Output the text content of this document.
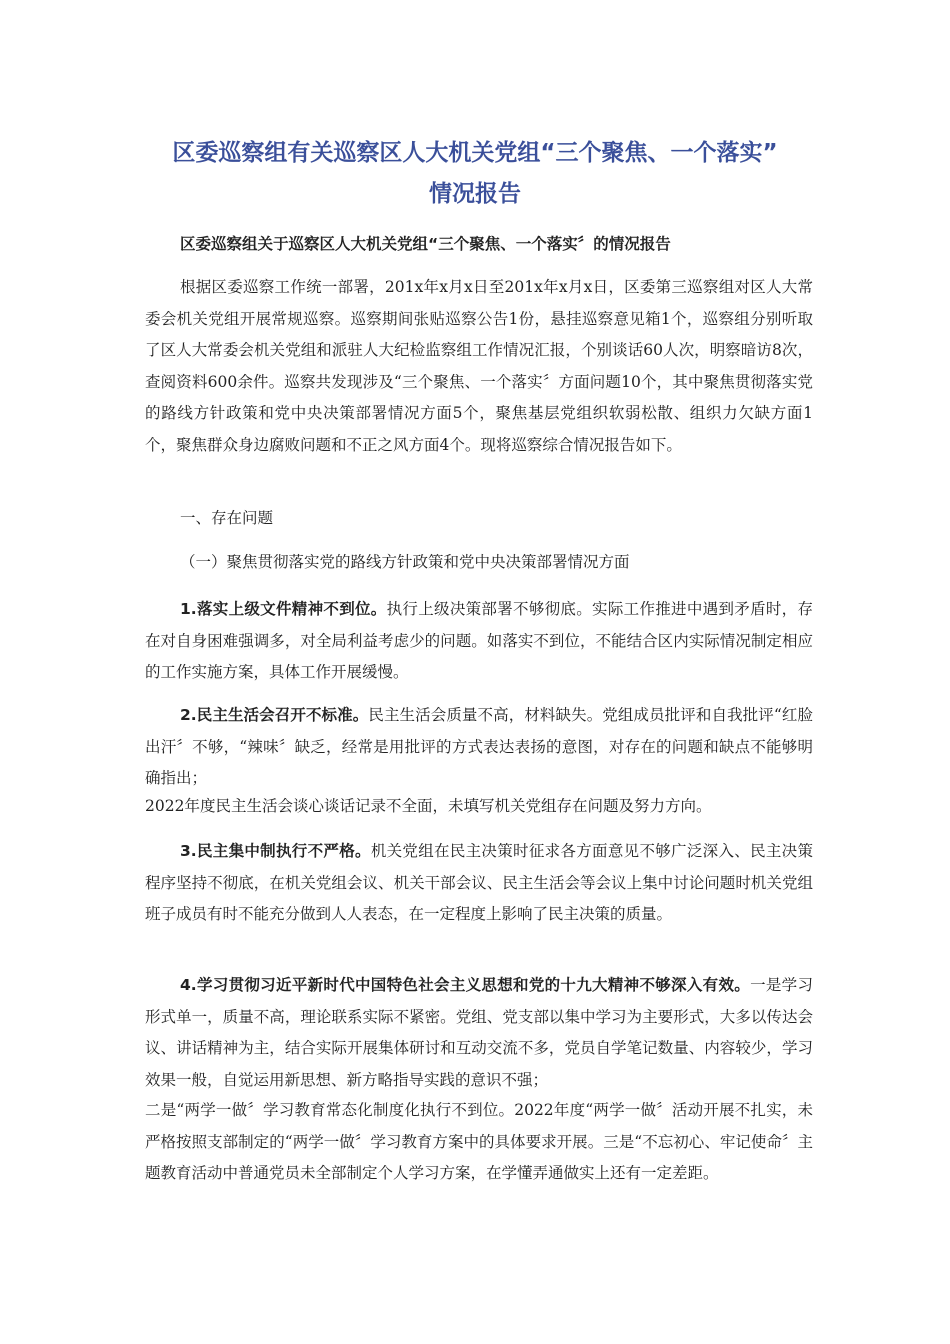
区委巡察组有关巡察区人大机关党组“三个聚焦、一个落实”
情况报告

区委巡察组关于巡察区人大机关党组“三个聚焦、一个落实〞的情况报告

根据区委巡察工作统一部署，201x年x月x日至201x年x月x日，区委第三巡察组对区人大常委会机关党组开展常规巡察。巡察期间张贴巡察公告1份，悬挂巡察意见箱1个，巡察组分别听取了区人大常委会机关党组和派驻人大纪检监察组工作情况汇报，个别谈话60人次，明察暗访8次，查阅资料600余件。巡察共发现涉及“三个聚焦、一个落实〞方面问题10个，其中聚焦贯彻落实党的路线方针政策和党中央决策部署情况方面5个，聚焦基层党组织软弱松散、组织力欠缺方面1个，聚焦群众身边腐败问题和不正之风方面4个。现将巡察综合情况报告如下。

一、存在问题

（一）聚焦贯彻落实党的路线方针政策和党中央决策部署情况方面

1.落实上级文件精神不到位。执行上级决策部署不够彻底。实际工作推进中遇到矛盾时，存在对自身困难强调多，对全局利益考虑少的问题。如落实不到位，不能结合区内实际情况制定相应的工作实施方案，具体工作开展缓慢。

2.民主生活会召开不标准。民主生活会质量不高，材料缺失。党组成员批评和自我批评“红脸出汗〞不够，“辣味〞缺乏，经常是用批评的方式表达表扬的意图，对存在的问题和缺点不能够明确指出；

2022年度民主生活会谈心谈话记录不全面，未填写机关党组存在问题及努力方向。

3.民主集中制执行不严格。机关党组在民主决策时征求各方面意见不够广泛深入、民主决策程序坚持不彻底，在机关党组会议、机关干部会议、民主生活会等会议上集中讨论问题时机关党组班子成员有时不能充分做到人人表态，在一定程度上影响了民主决策的质量。

4.学习贯彻习近平新时代中国特色社会主义思想和党的十九大精神不够深入有效。一是学习形式单一，质量不高，理论联系实际不紧密。党组、党支部以集中学习为主要形式，大多以传达会议、讲话精神为主，结合实际开展集体研讨和互动交流不多，党员自学笔记数量、内容较少，学习效果一般，自觉运用新思想、新方略指导实践的意识不强；

二是“两学一做〞学习教育常态化制度化执行不到位。2022年度“两学一做〞活动开展不扎实，未严格按照支部制定的“两学一做〞学习教育方案中的具体要求开展。三是“不忘初心、牢记使命〞主题教育活动中普通党员未全部制定个人学习方案，在学懂弄通做实上还有一定差距。
